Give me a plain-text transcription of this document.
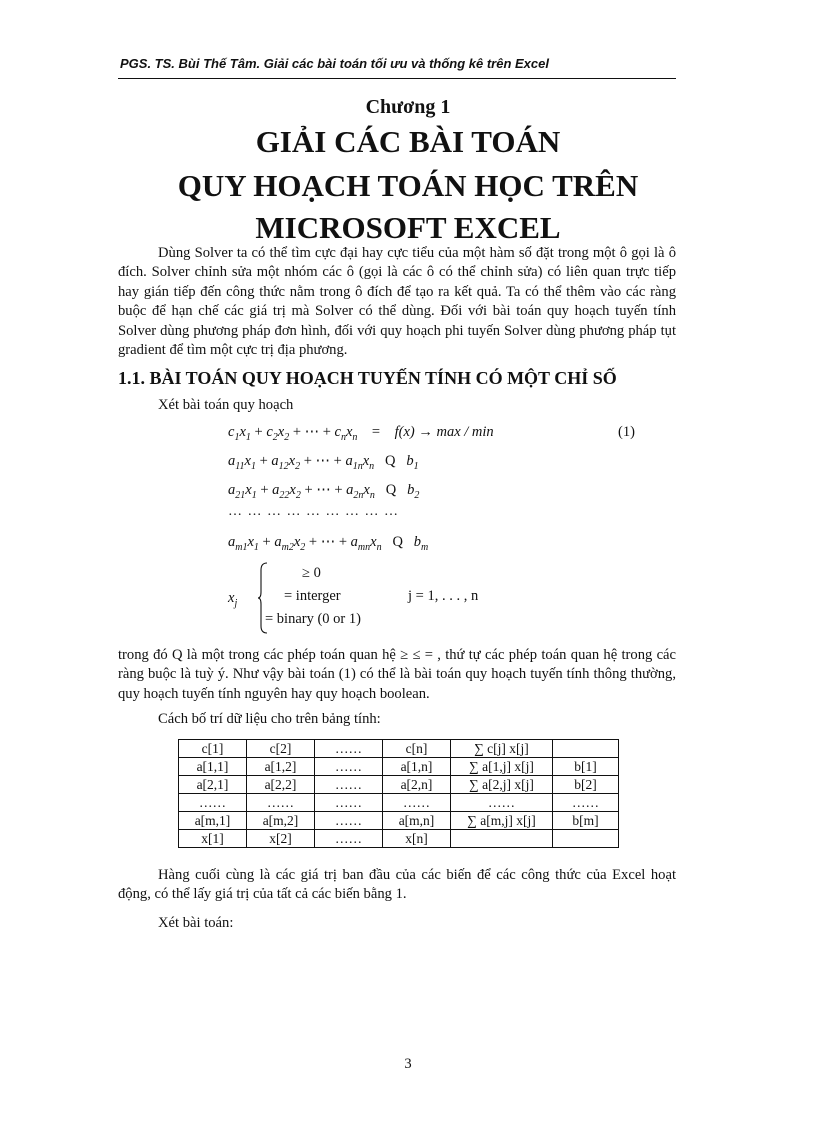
PGS. TS. Bùi Thế Tâm. Giải các bài toán tối ưu và thống kê trên Excel
Chương 1
GIẢI CÁC BÀI TOÁN
QUY HOẠCH TOÁN HỌC TRÊN
MICROSOFT EXCEL
Dùng Solver ta có thể tìm cực đại hay cực tiểu của một hàm số đặt trong một ô gọi là ô đích. Solver chỉnh sửa một nhóm các ô (gọi là các ô có thể chỉnh sửa) có liên quan trực tiếp hay gián tiếp đến công thức nằm trong ô đích để tạo ra kết quả. Ta có thể thêm vào các ràng buộc để hạn chế các giá trị mà Solver có thể dùng. Đối với bài toán quy hoạch tuyến tính Solver dùng phương pháp đơn hình, đối với quy hoạch phi tuyến Solver dùng phương pháp tụt gradient để tìm một cực trị địa phương.
1.1. BÀI TOÁN QUY HOẠCH TUYẾN TÍNH CÓ MỘT CHỈ SỐ
Xét bài toán quy hoạch
$c_1x_1 + c_2x_2$ + ⋯ + $c_nx_n$    =    f(x) → max / min	(1)
$a_{11}x_1 + a_{12}x_2$ + ⋯ + $a_{1n}x_n$ Q   $b_1$
$a_{21}x_1 + a_{22}x_2$ + ⋯ + $a_{2n}x_n$ Q   $b_2$
… … … … … … … … …
$a_{m1}x_1 + a_{m2}x_2$ + ⋯ + $a_{mn}x_n$ Q   $b_m$
$x_j$
≥ 0
= interger
= binary (0 or 1)
j = 1, . . . , n
trong đó Q là một trong các phép toán quan hệ ≥ ≤ = , thứ tự các phép toán quan hệ trong các ràng buộc là tuỳ ý. Như vậy bài toán (1) có thể là bài toán quy hoạch tuyến tính thông thường, quy hoạch tuyến tính nguyên hay quy hoạch boolean.
Cách bố trí dữ liệu cho trên bảng tính:
c[1]	c[2]	……	c[n]	∑ c[j] x[j]	
a[1,1]	a[1,2]	……	a[1,n]	∑ a[1,j] x[j]	b[1]
a[2,1]	a[2,2]	……	a[2,n]	∑ a[2,j] x[j]	b[2]
……	……	……	……	……	……
a[m,1]	a[m,2]	……	a[m,n]	∑ a[m,j] x[j]	b[m]
x[1]	x[2]	……	x[n]		
Hàng cuối cùng là các giá trị ban đầu của các biến để các công thức của Excel hoạt động, có thể lấy giá trị của tất cả các biến bằng 1.
Xét bài toán:
3
